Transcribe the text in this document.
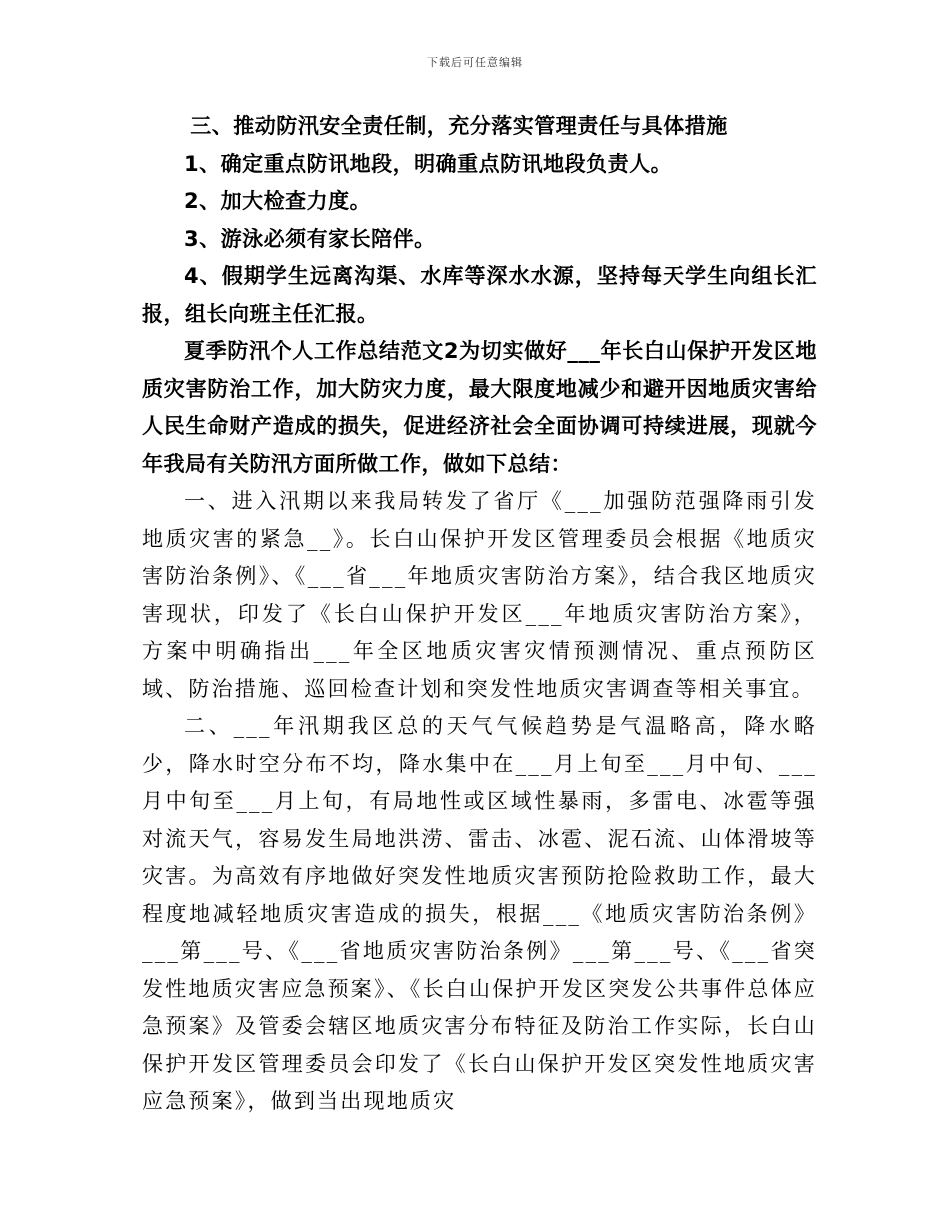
下载后可任意编辑

三、推动防汛安全责任制，充分落实管理责任与具体措施

1、确定重点防讯地段，明确重点防讯地段负责人。

2、加大检查力度。

3、游泳必须有家长陪伴。

4、假期学生远离沟渠、水库等深水水源，坚持每天学生向组长汇报，组长向班主任汇报。

夏季防汛个人工作总结范文2为切实做好___年长白山保护开发区地质灾害防治工作，加大防灾力度，最大限度地减少和避开因地质灾害给人民生命财产造成的损失，促进经济社会全面协调可持续进展，现就今年我局有关防汛方面所做工作，做如下总结：

一、进入汛期以来我局转发了省厅《___加强防范强降雨引发地质灾害的紧急__》。长白山保护开发区管理委员会根据《地质灾害防治条例》、《___省___年地质灾害防治方案》，结合我区地质灾害现状，印发了《长白山保护开发区___年地质灾害防治方案》，方案中明确指出___年全区地质灾害灾情预测情况、重点预防区域、防治措施、巡回检查计划和突发性地质灾害调查等相关事宜。

二、___年汛期我区总的天气气候趋势是气温略高，降水略少，降水时空分布不均，降水集中在___月上旬至___月中旬、___月中旬至___月上旬，有局地性或区域性暴雨，多雷电、冰雹等强对流天气，容易发生局地洪涝、雷击、冰雹、泥石流、山体滑坡等灾害。为高效有序地做好突发性地质灾害预防抢险救助工作，最大程度地减轻地质灾害造成的损失，根据___《地质灾害防治条例》___第___号、《___省地质灾害防治条例》___第___号、《___省突发性地质灾害应急预案》、《长白山保护开发区突发公共事件总体应急预案》及管委会辖区地质灾害分布特征及防治工作实际，长白山保护开发区管理委员会印发了《长白山保护开发区突发性地质灾害应急预案》，做到当出现地质灾
